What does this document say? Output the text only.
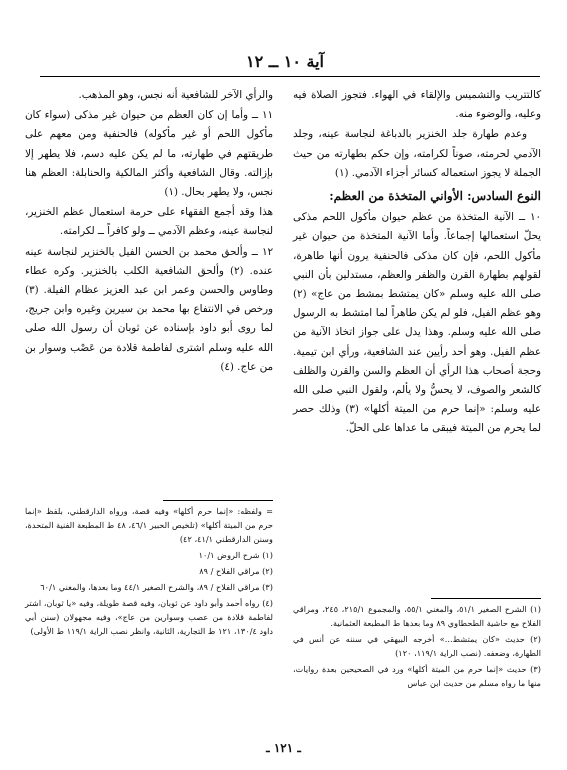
آية ١٠ ــ ١٢

كالتتريب والتشميس والإلقاء في الهواء. فتجوز الصلاة فيه وعليه، والوضوء منه.

وعدم طهارة جلد الخنزير بالدباغة لنجاسة عينه، وجلد الآدمي لحرمته، صوناً لكرامته، وإن حكم بطهارته من حيث الجملة لا يجوز استعماله كسائر أجزاء الآدمي. (١)

النوع السادس: الأواني المتخذة من العظم:

١٠ ــ الآنية المتخذة من عظم حيوان مأكول اللحم مذكى يحلّ استعمالها إجماعاً. وأما الآنية المتخذة من حيوان غير مأكول اللحم، فإن كان مذكى فالحنفية يرون أنها طاهرة، لقولهم بطهارة القرن والظفر والعظم، مستدلين بأن النبي صلى الله عليه وسلم «كان يمتشط بمشط من عاج» (٢) وهو عظم الفيل، فلو لم يكن طاهراً لما امتشط به الرسول صلى الله عليه وسلم. وهذا يدل على جواز اتخاذ الآنية من عظم الفيل. وهو أحد رأيين عند الشافعية، ورأي ابن تيمية. وحجة أصحاب هذا الرأي أن العظم والسن والقرن والظلف كالشعر والصوف، لا يحسُّ ولا يألم، ولقول النبي صلى الله عليه وسلم: «إنما حرم من الميتة أكلها» (٣) وذلك حصر لما يحرم من الميتة فيبقى ما عداها على الحلّ.

والرأي الآخر للشافعية أنه نجس، وهو المذهب.

١١ ــ وأما إن كان العظم من حيوان غير مذكى (سواء كان مأكول اللحم أو غير مأكوله) فالحنفية ومن معهم على طريقتهم في طهارته، ما لم يكن عليه دسم، فلا يطهر إلا بإزالته. وقال الشافعية وأكثر المالكية والحنابلة: العظم هنا نجس، ولا يطهر بحال. (١)

هذا وقد أجمع الفقهاء على حرمة استعمال عظم الخنزير، لنجاسة عينه، وعظم الآدمي ــ ولو كافراً ــ لكرامته.

١٢ ــ وألحق محمد بن الحسن الفيل بالخنزير لنجاسة عينه عنده. (٢) وألحق الشافعية الكلب بالخنزير. وكره عطاء وطاوس والحسن وعمر ابن عبد العزيز عظام الفيلة. (٣) ورخص في الانتفاع بها محمد بن سيرين وغيره وابن جريج، لما روى أبو داود بإسناده عن ثوبان أن رسول الله صلى الله عليه وسلم اشترى لفاطمة قلادة من عَصْب وسوار بن من عاج. (٤)

(١) الشرح الصغير ٥١/١، والمغني ٥٥/١، والمجموع ٢١٥/١، ٢٤٥، ومراقي الفلاح مع حاشية الطحطاوي ٨٩ وما بعدها ط المطبعة العثمانية.

(٢) حديث «كان يمتشط...» أخرجه البيهقي في سننه عن أنس في الطهارة، وضعفه. (نصب الراية ١١٩/١، ١٢٠)

(٣) حديث «إنما حرم من الميتة أكلها» ورد في الصحيحين بعدة روايات، منها ما رواه مسلم من حديث ابن عباس

= ولفظه: «إنما حرم أكلها» وفيه قصة، ورواه الدارقطني، بلفظ «إنما حرم من الميتة أكلها» (تلخيص الحبير ٤٦/١، ٤٨ ط المطبعة الفنية المتحدة، وسنن الدارقطني ٤١/١، ٤٢)

(١) شرح الروض ١٠/١

(٢) مراقي الفلاح / ٨٩

(٣) مراقي الفلاح / ٨٩، والشرح الصغير ٤٤/١ وما بعدها، والمغني ٦٠/١

(٤) رواه أحمد وأبو داود عن ثوبان، وفيه قصة طويلة، وفيه «يا ثوبان، اشتر لفاطمة قلادة من عصب وسوارين من عاج»، وفيه مجهولان (سنن أبي داود ١٣٠/٤، ١٢١ ط التجارية، الثانية، وانظر نصب الراية ١١٩/١ ط الأولى)

ـ ١٢١ ـ
